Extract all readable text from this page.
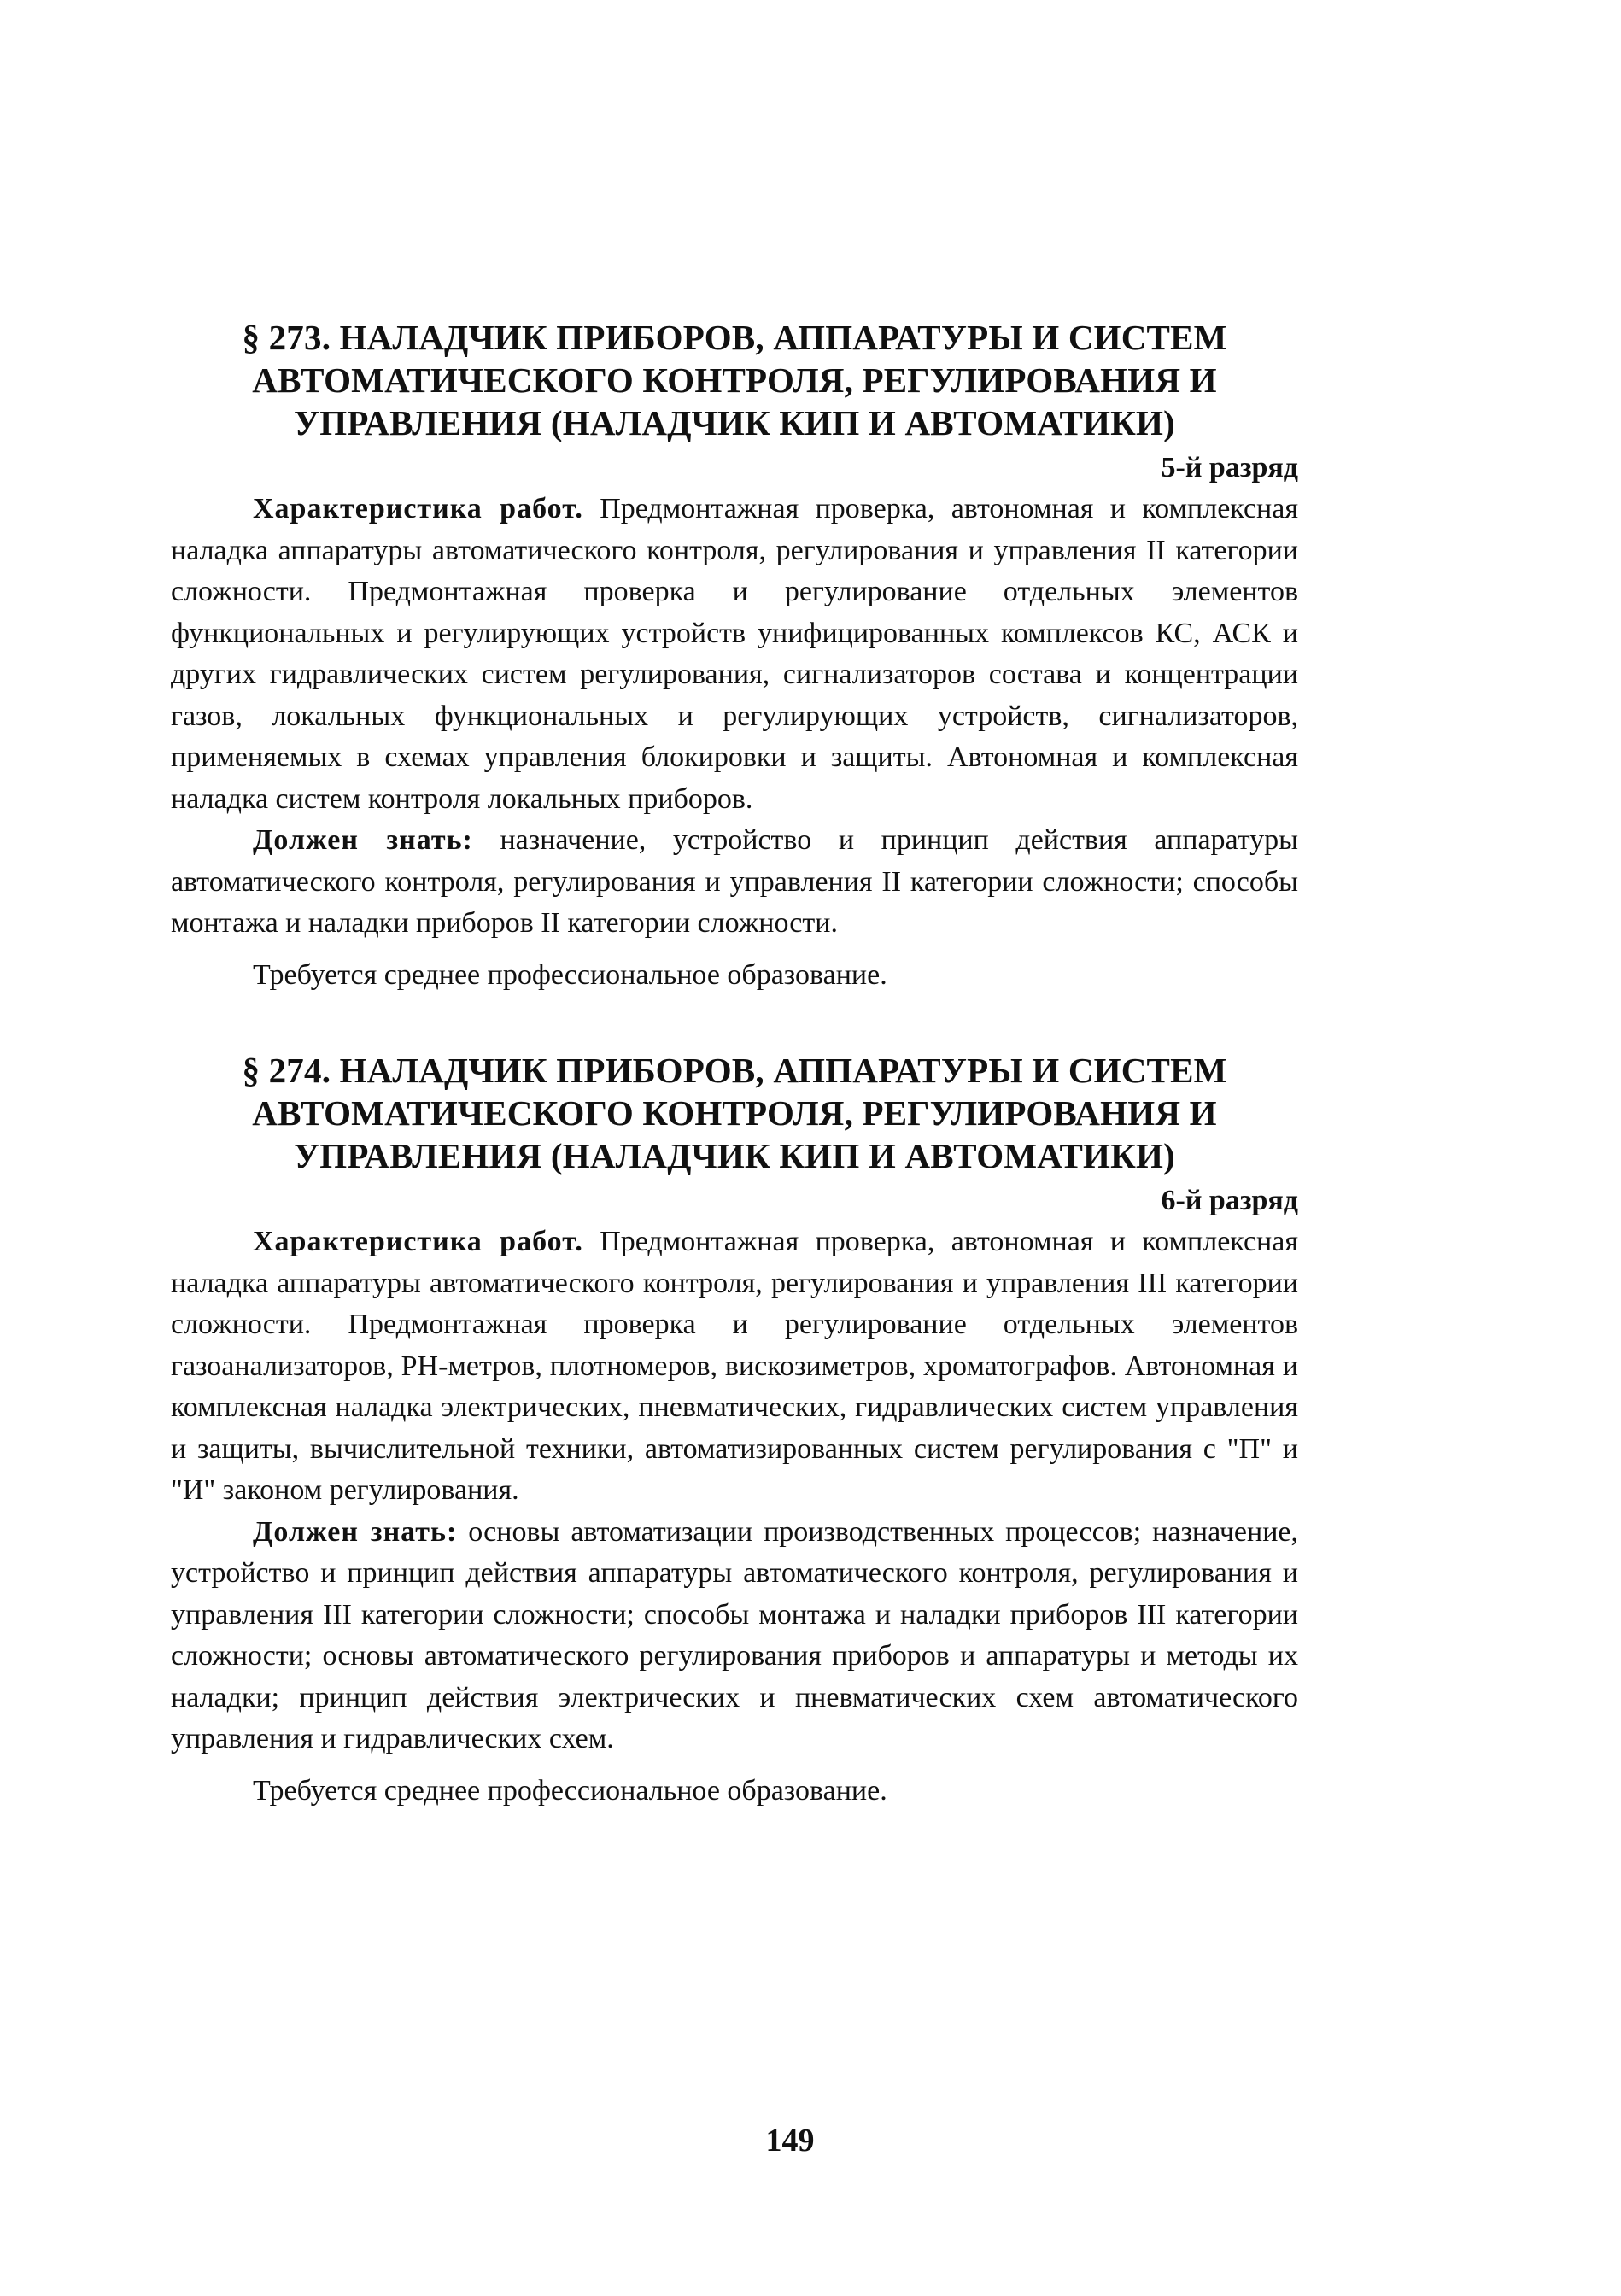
§ 273. НАЛАДЧИК ПРИБОРОВ, АППАРАТУРЫ И СИСТЕМ
АВТОМАТИЧЕСКОГО КОНТРОЛЯ, РЕГУЛИРОВАНИЯ И
УПРАВЛЕНИЯ (НАЛАДЧИК КИП И АВТОМАТИКИ)
5-й разряд

Характеристика работ. Предмонтажная проверка, автономная и комплексная наладка аппаратуры автоматического контроля, регулирования и управления II категории сложности. Предмонтажная проверка и регулирование отдельных элементов функциональных и регулирующих устройств унифицированных комплексов КС, АСК и других гидравлических систем регулирования, сигнализаторов состава и концентрации газов, локальных функциональных и регулирующих устройств, сигнализаторов, применяемых в схемах управления блокировки и защиты. Автономная и комплексная наладка систем контроля локальных приборов.

Должен знать: назначение, устройство и принцип действия аппаратуры автоматического контроля, регулирования и управления II категории сложности; способы монтажа и наладки приборов II категории сложности.

Требуется среднее профессиональное образование.

§ 274. НАЛАДЧИК ПРИБОРОВ, АППАРАТУРЫ И СИСТЕМ
АВТОМАТИЧЕСКОГО КОНТРОЛЯ, РЕГУЛИРОВАНИЯ И
УПРАВЛЕНИЯ (НАЛАДЧИК КИП И АВТОМАТИКИ)
6-й разряд

Характеристика работ. Предмонтажная проверка, автономная и комплексная наладка аппаратуры автоматического контроля, регулирования и управления III категории сложности. Предмонтажная проверка и регулирование отдельных элементов газоанализаторов, РН-метров, плотномеров, вискозиметров, хроматографов. Автономная и комплексная наладка электрических, пневматических, гидравлических систем управления и защиты, вычислительной техники, автоматизированных систем регулирования с "П" и "И" законом регулирования.

Должен знать: основы автоматизации производственных процессов; назначение, устройство и принцип действия аппаратуры автоматического контроля, регулирования и управления III категории сложности; способы монтажа и наладки приборов III категории сложности; основы автоматического регулирования приборов и аппаратуры и методы их наладки; принцип действия электрических и пневматических схем автоматического управления и гидравлических схем.

Требуется среднее профессиональное образование.

149
